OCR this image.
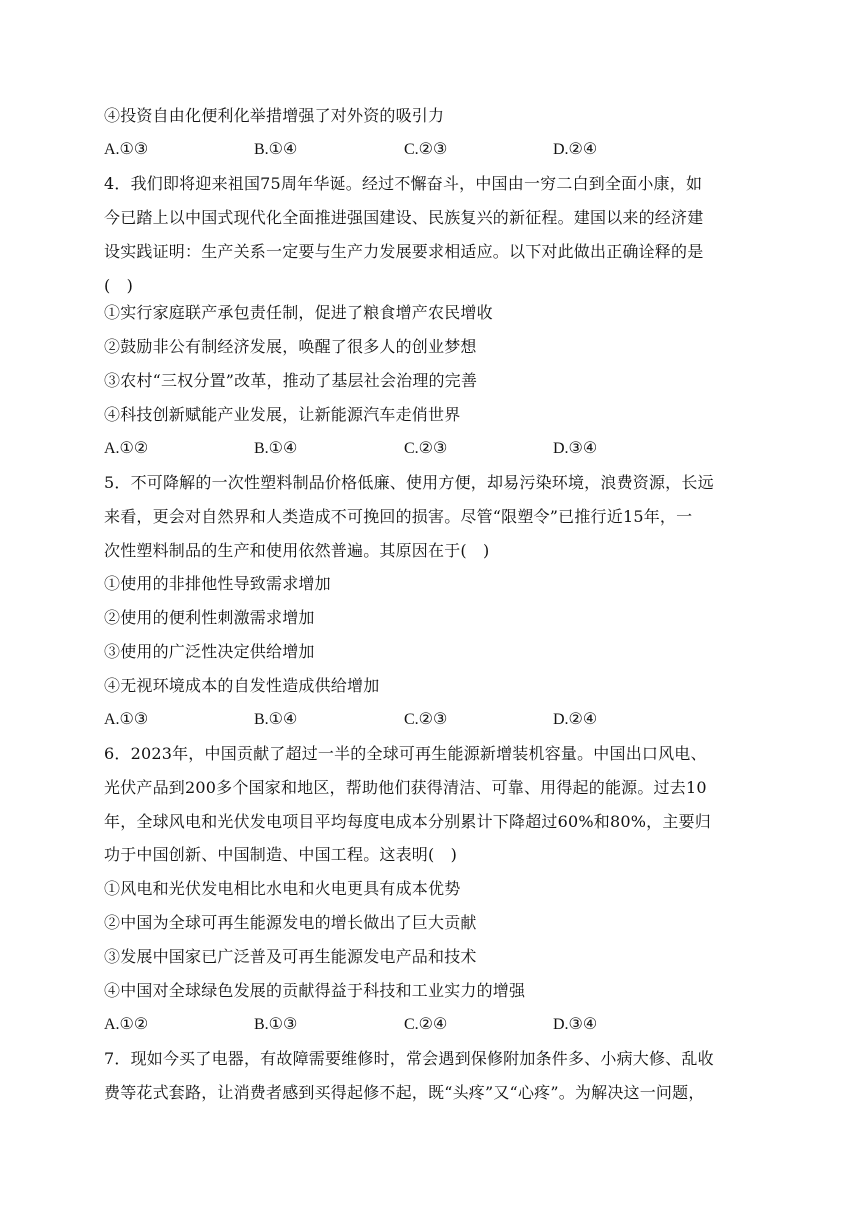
④投资自由化便利化举措增强了对外资的吸引力
A.①③	B.①④	C.②③	D.②④
4．我们即将迎来祖国75周年华诞。经过不懈奋斗，中国由一穷二白到全面小康，如
今已踏上以中国式现代化全面推进强国建设、民族复兴的新征程。建国以来的经济建
设实践证明：生产关系一定要与生产力发展要求相适应。以下对此做出正确诠释的是
(　)
①实行家庭联产承包责任制，促进了粮食增产农民增收
②鼓励非公有制经济发展，唤醒了很多人的创业梦想
③农村“三权分置”改革，推动了基层社会治理的完善
④科技创新赋能产业发展，让新能源汽车走俏世界
A.①②	B.①④	C.②③	D.③④
5．不可降解的一次性塑料制品价格低廉、使用方便，却易污染环境，浪费资源，长远
来看，更会对自然界和人类造成不可挽回的损害。尽管“限塑令”已推行近15年，一
次性塑料制品的生产和使用依然普遍。其原因在于(　)
①使用的非排他性导致需求增加
②使用的便利性刺激需求增加
③使用的广泛性决定供给增加
④无视环境成本的自发性造成供给增加
A.①③	B.①④	C.②③	D.②④
6．2023年，中国贡献了超过一半的全球可再生能源新增装机容量。中国出口风电、
光伏产品到200多个国家和地区，帮助他们获得清洁、可靠、用得起的能源。过去10
年，全球风电和光伏发电项目平均每度电成本分别累计下降超过60%和80%，主要归
功于中国创新、中国制造、中国工程。这表明(　)
①风电和光伏发电相比水电和火电更具有成本优势
②中国为全球可再生能源发电的增长做出了巨大贡献
③发展中国家已广泛普及可再生能源发电产品和技术
④中国对全球绿色发展的贡献得益于科技和工业实力的增强
A.①②	B.①③	C.②④	D.③④
7．现如今买了电器，有故障需要维修时，常会遇到保修附加条件多、小病大修、乱收
费等花式套路，让消费者感到买得起修不起，既“头疼”又“心疼”。为解决这一问题，
